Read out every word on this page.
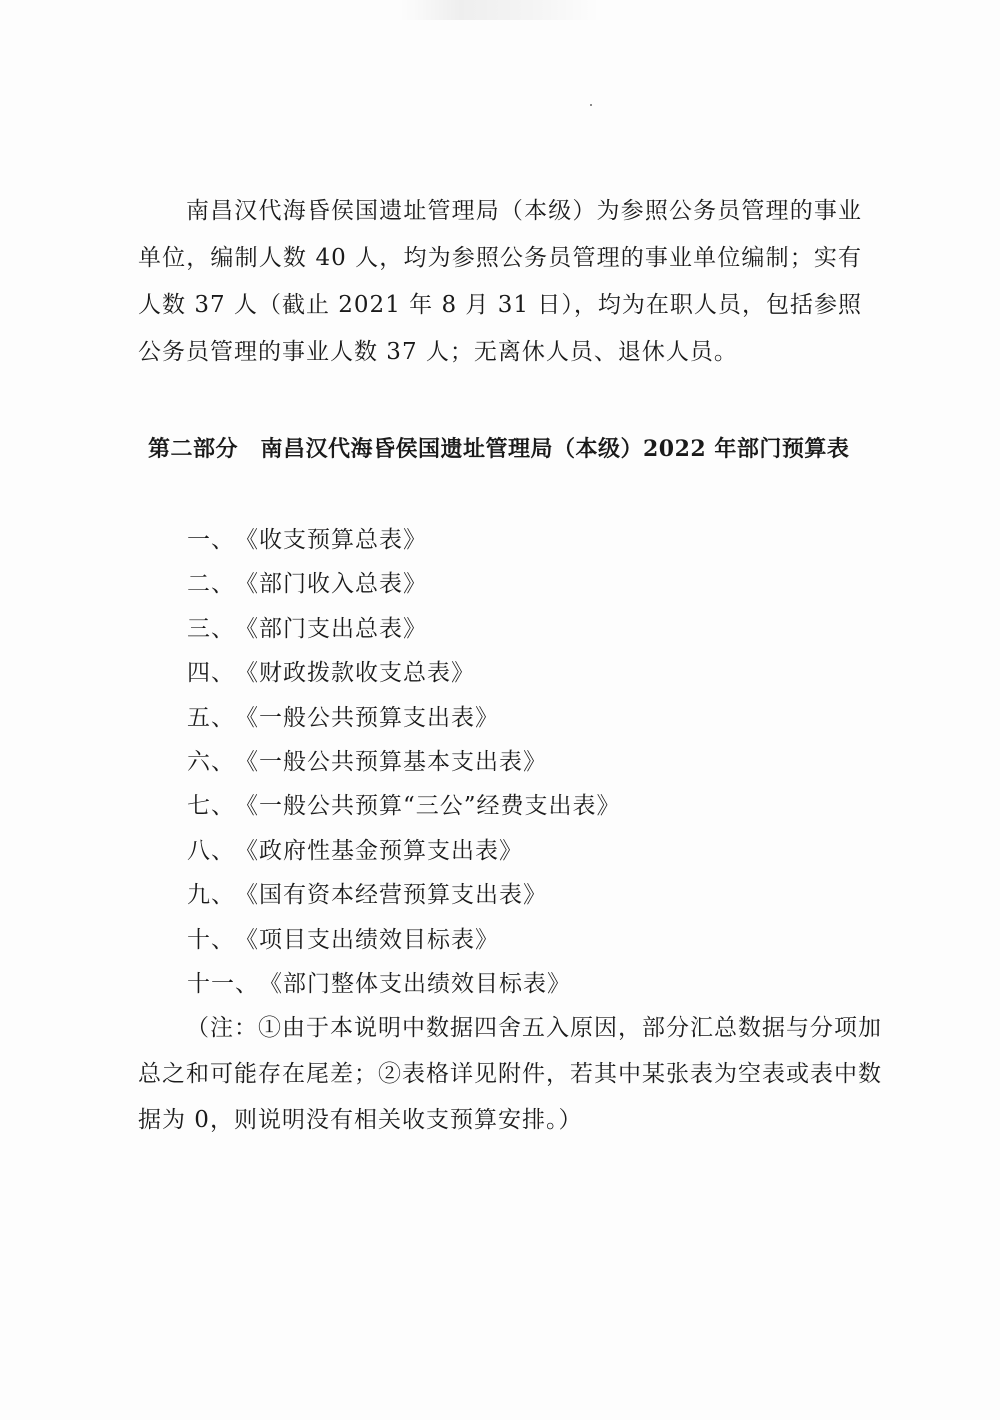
南昌汉代海昏侯国遗址管理局（本级）为参照公务员管理的事业单位，编制人数 40 人，均为参照公务员管理的事业单位编制；实有人数 37 人（截止 2021 年 8 月 31 日），均为在职人员，包括参照公务员管理的事业人数 37 人；无离休人员、退休人员。

第二部分　南昌汉代海昏侯国遗址管理局（本级）2022 年部门预算表
一、《收支预算总表》
二、《部门收入总表》
三、《部门支出总表》
四、《财政拨款收支总表》
五、《一般公共预算支出表》
六、《一般公共预算基本支出表》
七、《一般公共预算“三公”经费支出表》
八、《政府性基金预算支出表》
九、《国有资本经营预算支出表》
十、《项目支出绩效目标表》
十一、《部门整体支出绩效目标表》

（注：①由于本说明中数据四舍五入原因，部分汇总数据与分项加总之和可能存在尾差；②表格详见附件，若其中某张表为空表或表中数据为 0，则说明没有相关收支预算安排。）
